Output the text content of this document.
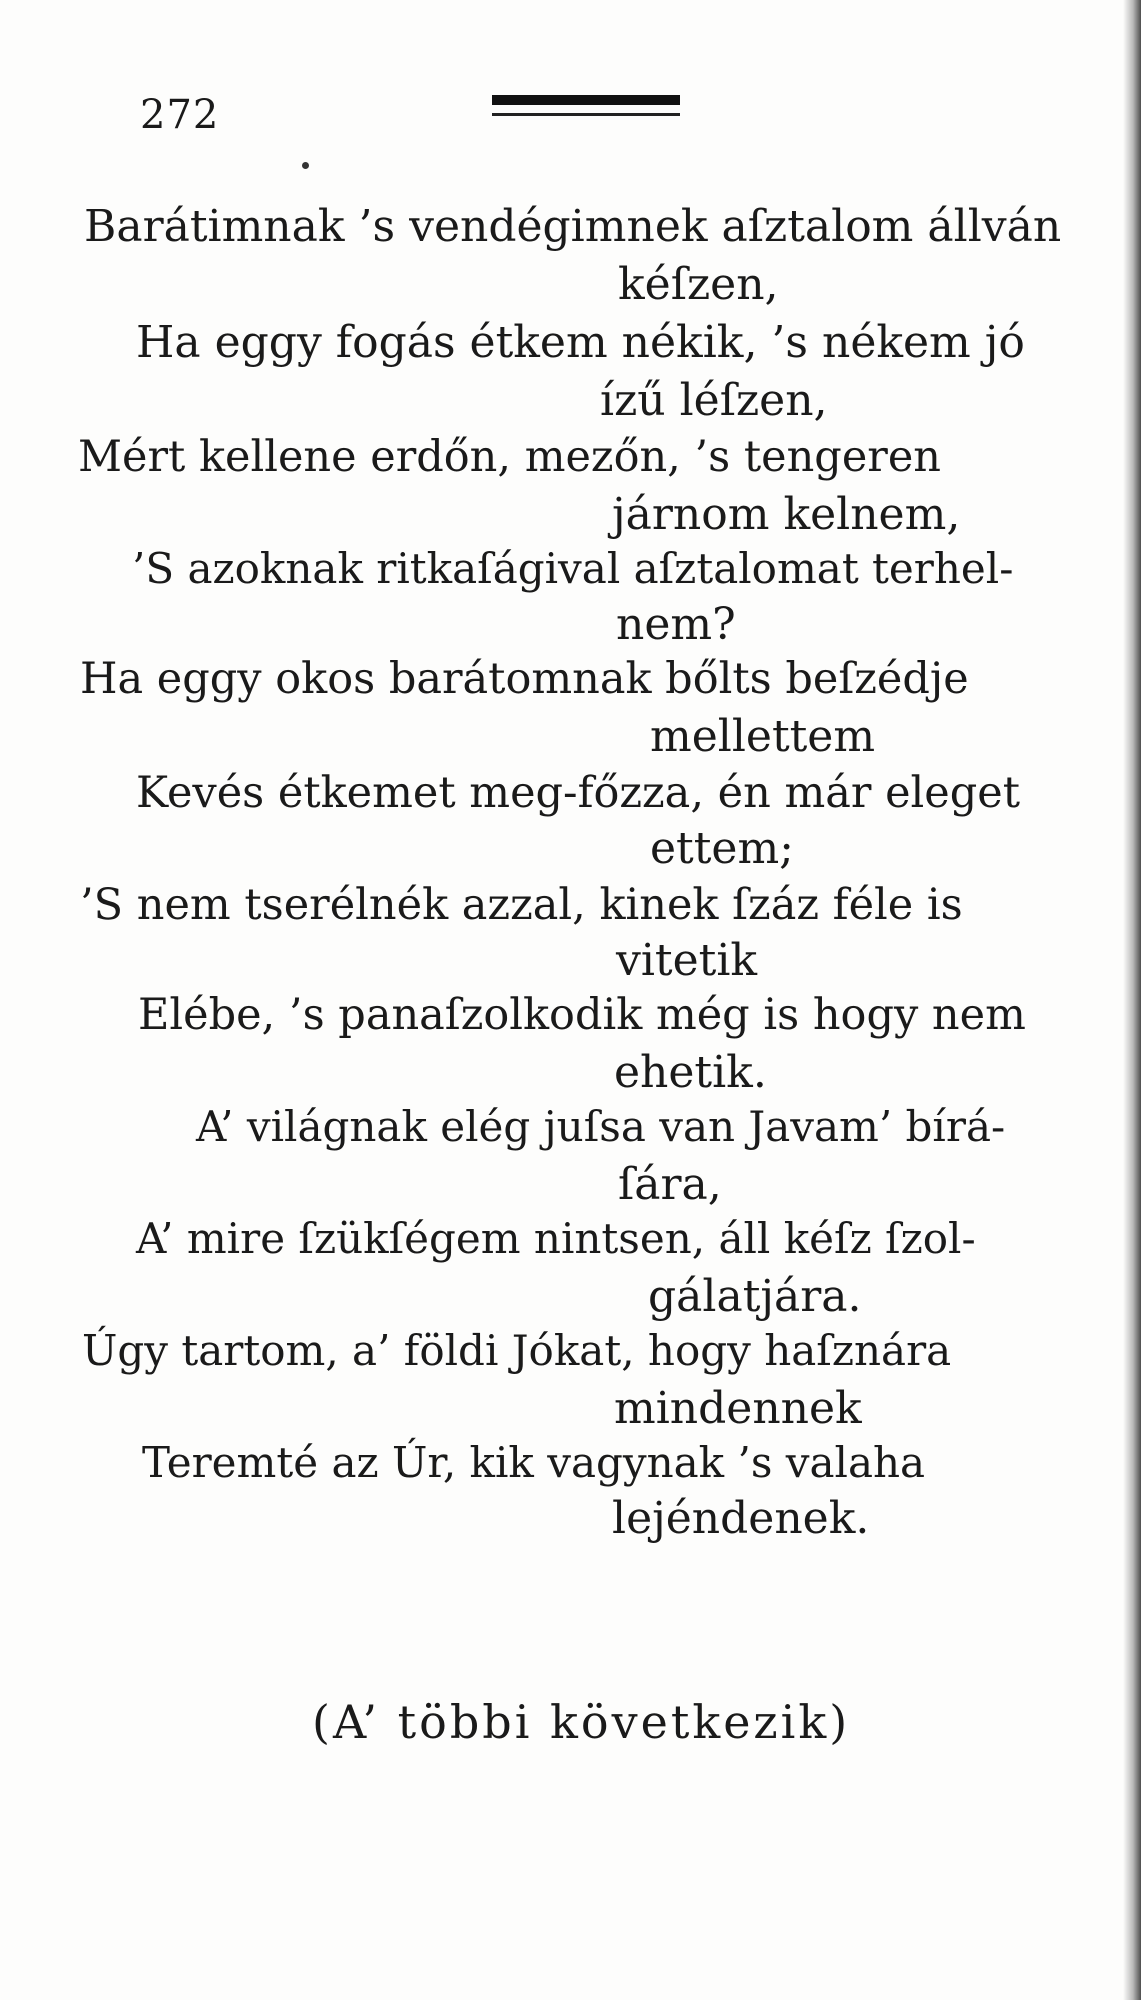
272

Barátimnak ’s vendégimnek aſztalom állván

kéſzen,

Ha eggy fogás étkem nékik, ’s nékem jó

ízű léſzen,

Mért kellene erdőn, mezőn, ’s tengeren

járnom kelnem,

’S azoknak ritkaſágival aſztalomat terhel-

nem?

Ha eggy okos barátomnak bőlts beſzédje

mellettem

Kevés étkemet meg-főzza, én már eleget

ettem;

’S nem tserélnék azzal, kinek ſzáz féle is

vitetik

Elébe, ’s panaſzolkodik még is hogy nem

ehetik.

A’ világnak elég juſsa van Javam’ bírá-

ſára,

A’ mire ſzükſégem nintsen, áll kéſz ſzol-

gálatjára.

Úgy tartom, a’ földi Jókat, hogy haſznára

mindennek

Teremté az Úr, kik vagynak ’s valaha

lejéndenek.

(A’ többi következik)
